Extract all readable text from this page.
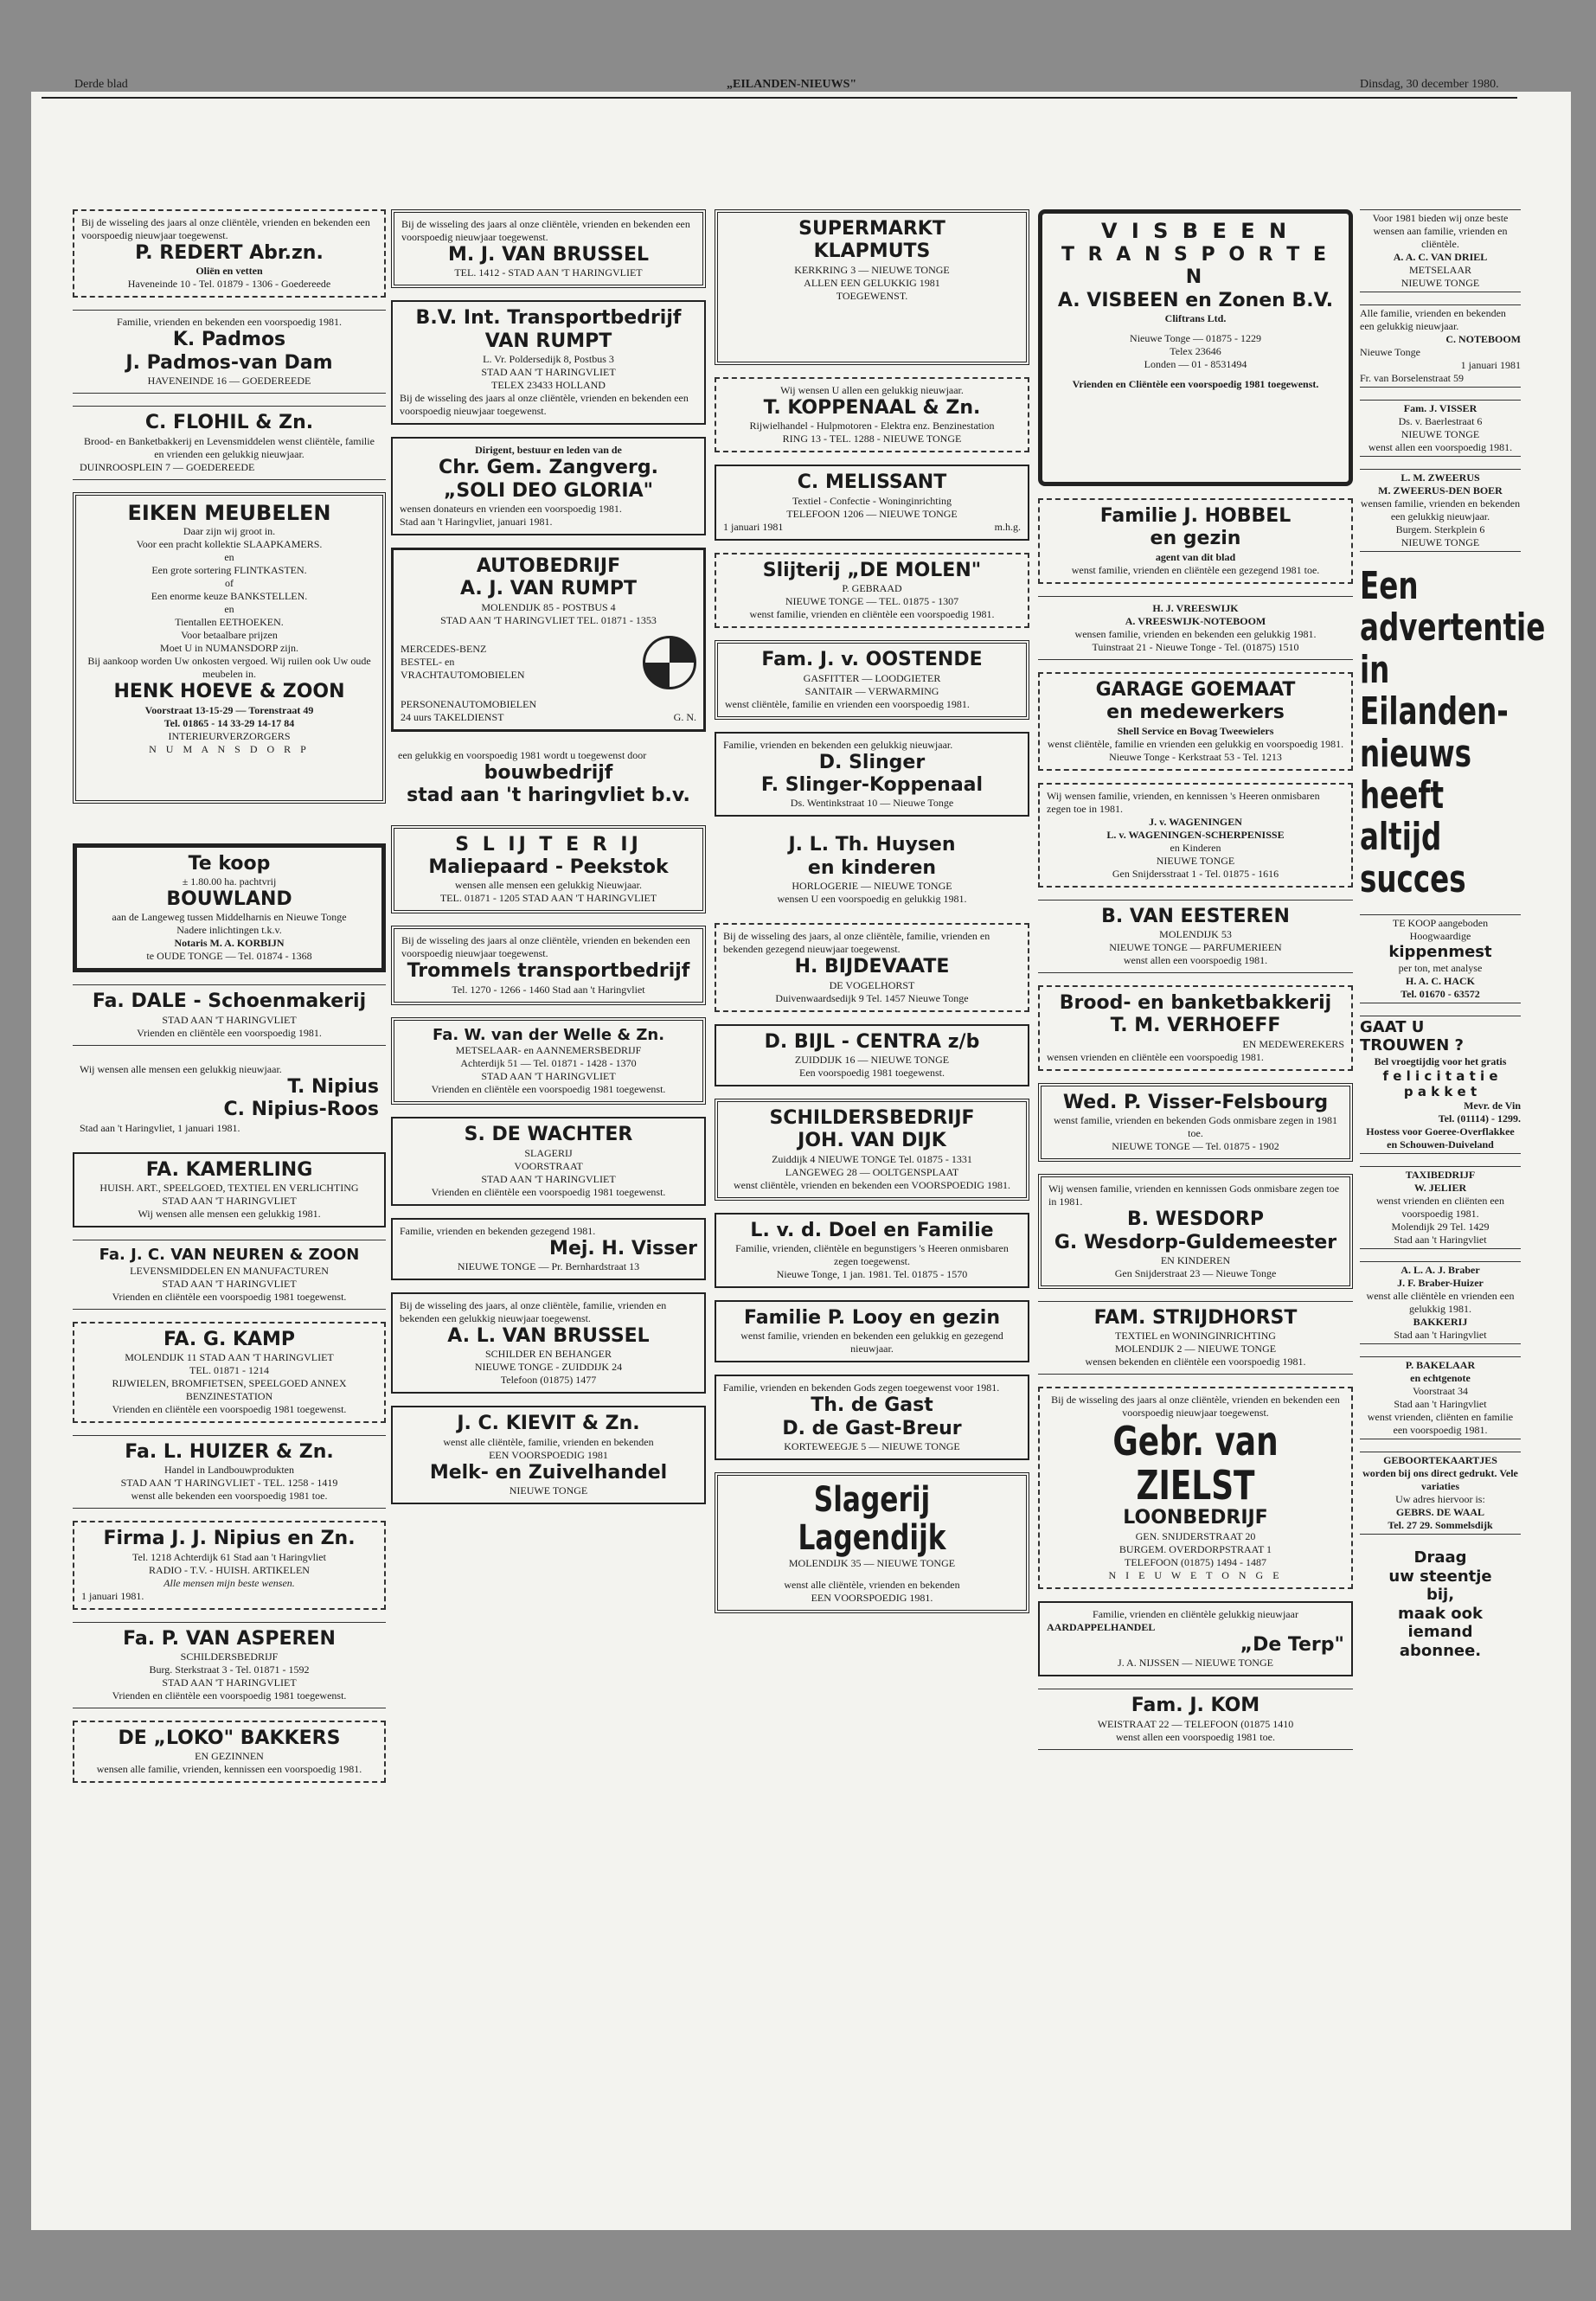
Derde blad	„EILANDEN-NIEUWS"	Dinsdag, 30 december 1980.
Bij de wisseling des jaars al onze cliëntèle, vrienden en bekenden een voorspoedig nieuwjaar toegewenst.
P. REDERT Abr.zn.
Oliën en vetten
Haveneinde 10 - Tel. 01879 - 1306 - Goedereede
Familie, vrienden en bekenden een voorspoedig 1981.
K. Padmos
J. Padmos-van Dam
HAVENEINDE 16 — GOEDEREEDE
C. FLOHIL & Zn.
Brood- en Banketbakkerij en Levensmiddelen wenst cliëntèle, familie en vrienden een gelukkig nieuwjaar.
DUINROOSPLEIN 7 — GOEDEREEDE
EIKEN MEUBELEN
Daar zijn wij groot in.
Voor een pracht kollektie SLAAPKAMERS.
en
Een grote sortering FLINTKASTEN.
of
Een enorme keuze BANKSTELLEN.
en
Tientallen EETHOEKEN.
Voor betaalbare prijzen
Moet U in NUMANSDORP zijn.
Bij aankoop worden Uw onkosten vergoed. Wij ruilen ook Uw oude meubelen in.
HENK HOEVE & ZOON
Voorstraat 13-15-29 — Torenstraat 49
Tel. 01865 - 14 33-29 14-17 84
INTERIEURVERZORGERS
N U M A N S D O R P
Te koop
± 1.80.00 ha. pachtvrij
BOUWLAND
aan de Langeweg tussen Middelharnis en Nieuwe Tonge
Nadere inlichtingen t.k.v.
Notaris M. A. KORBIJN
te OUDE TONGE — Tel. 01874 - 1368
Fa. DALE - Schoenmakerij
STAD AAN 'T HARINGVLIET
Vrienden en cliëntèle een voorspoedig 1981.
Wij wensen alle mensen een gelukkig nieuwjaar.
T. Nipius
C. Nipius-Roos
Stad aan 't Haringvliet, 1 januari 1981.
FA. KAMERLING
HUISH. ART., SPEELGOED, TEXTIEL EN VERLICHTING
STAD AAN 'T HARINGVLIET
Wij wensen alle mensen een gelukkig 1981.
Fa. J. C. VAN NEUREN & ZOON
LEVENSMIDDELEN EN MANUFACTUREN
STAD AAN 'T HARINGVLIET
Vrienden en cliëntèle een voorspoedig 1981 toegewenst.
FA. G. KAMP
MOLENDIJK 11 STAD AAN 'T HARINGVLIET
TEL. 01871 - 1214
RIJWIELEN, BROMFIETSEN, SPEELGOED ANNEX BENZINESTATION
Vrienden en cliëntèle een voorspoedig 1981 toegewenst.
Fa. L. HUIZER & Zn.
Handel in Landbouwprodukten
STAD AAN 'T HARINGVLIET - TEL. 1258 - 1419
wenst alle bekenden een voorspoedig 1981 toe.
Firma J. J. Nipius en Zn.
Tel. 1218 Achterdijk 61 Stad aan 't Haringvliet
RADIO - T.V. - HUISH. ARTIKELEN
Alle mensen mijn beste wensen.
1 januari 1981.
Fa. P. VAN ASPEREN
SCHILDERSBEDRIJF
Burg. Sterkstraat 3 - Tel. 01871 - 1592
STAD AAN 'T HARINGVLIET
Vrienden en cliëntèle een voorspoedig 1981 toegewenst.
DE „LOKO" BAKKERS
EN GEZINNEN
wensen alle familie, vrienden, kennissen een voorspoedig 1981.
Bij de wisseling des jaars al onze cliëntèle, vrienden en bekenden een voorspoedig nieuwjaar toegewenst.
M. J. VAN BRUSSEL
TEL. 1412 - STAD AAN 'T HARINGVLIET
B.V. Int. Transportbedrijf
VAN RUMPT
L. Vr. Poldersedijk 8, Postbus 3
STAD AAN 'T HARINGVLIET
TELEX 23433 HOLLAND
Bij de wisseling des jaars al onze cliëntèle, vrienden en bekenden een voorspoedig nieuwjaar toegewenst.
Dirigent, bestuur en leden van de
Chr. Gem. Zangverg.
„SOLI DEO GLORIA"
wensen donateurs en vrienden een voorspoedig 1981.
Stad aan 't Haringvliet, januari 1981.
AUTOBEDRIJF
A. J. VAN RUMPT
MOLENDIJK 85 - POSTBUS 4
STAD AAN 'T HARINGVLIET TEL. 01871 - 1353
MERCEDES-BENZ
BESTEL- en
VRACHTAUTOMOBIELEN
PERSONENAUTOMOBIELEN
24 uurs TAKELDIENST	G. N.
een gelukkig en voorspoedig 1981 wordt u toegewenst door
bouwbedrijf
stad aan 't haringvliet b.v.
S L IJ T E R IJ
Maliepaard - Peekstok
wensen alle mensen een gelukkig Nieuwjaar.
TEL. 01871 - 1205 STAD AAN 'T HARINGVLIET
Bij de wisseling des jaars al onze cliëntèle, vrienden en bekenden een voorspoedig nieuwjaar toegewenst.
Trommels transportbedrijf
Tel. 1270 - 1266 - 1460 Stad aan 't Haringvliet
Fa. W. van der Welle & Zn.
METSELAAR- en AANNEMERSBEDRIJF
Achterdijk 51 — Tel. 01871 - 1428 - 1370
STAD AAN 'T HARINGVLIET
Vrienden en cliëntèle een voorspoedig 1981 toegewenst.
S. DE WACHTER
SLAGERIJ
VOORSTRAAT
STAD AAN 'T HARINGVLIET
Vrienden en cliëntèle een voorspoedig 1981 toegewenst.
Familie, vrienden en bekenden gezegend 1981.
Mej. H. Visser
NIEUWE TONGE — Pr. Bernhardstraat 13
Bij de wisseling des jaars, al onze cliëntèle, familie, vrienden en bekenden een gelukkig nieuwjaar toegewenst.
A. L. VAN BRUSSEL
SCHILDER EN BEHANGER
NIEUWE TONGE - ZUIDDIJK 24
Telefoon (01875) 1477
J. C. KIEVIT & Zn.
wenst alle cliëntèle, familie, vrienden en bekenden
EEN VOORSPOEDIG 1981
Melk- en Zuivelhandel
NIEUWE TONGE
SUPERMARKT
KLAPMUTS
KERKRING 3 — NIEUWE TONGE
ALLEN EEN GELUKKIG 1981
TOEGEWENST.
Wij wensen U allen een gelukkig nieuwjaar.
T. KOPPENAAL & Zn.
Rijwielhandel - Hulpmotoren - Elektra enz. Benzinestation
RING 13 - TEL. 1288 - NIEUWE TONGE
C. MELISSANT
Textiel - Confectie - Woninginrichting
TELEFOON 1206 — NIEUWE TONGE
1 januari 1981	m.h.g.
Slijterij „DE MOLEN"
P. GEBRAAD
NIEUWE TONGE — TEL. 01875 - 1307
wenst familie, vrienden en cliëntèle een voorspoedig 1981.
Fam. J. v. OOSTENDE
GASFITTER — LOODGIETER
SANITAIR — VERWARMING
wenst cliëntèle, familie en vrienden een voorspoedig 1981.
Familie, vrienden en bekenden een gelukkig nieuwjaar.
D. Slinger
F. Slinger-Koppenaal
Ds. Wentinkstraat 10 — Nieuwe Tonge
J. L. Th. Huysen
en kinderen
HORLOGERIE — NIEUWE TONGE
wensen U een voorspoedig en gelukkig 1981.
Bij de wisseling des jaars, al onze cliëntèle, familie, vrienden en bekenden gezegend nieuwjaar toegewenst.
H. BIJDEVAATE
DE VOGELHORST
Duivenwaardsedijk 9 Tel. 1457 Nieuwe Tonge
D. BIJL - CENTRA z/b
ZUIDDIJK 16 — NIEUWE TONGE
Een voorspoedig 1981 toegewenst.
SCHILDERSBEDRIJF
JOH. VAN DIJK
Zuiddijk 4 NIEUWE TONGE Tel. 01875 - 1331
LANGEWEG 28 — OOLTGENSPLAAT
wenst cliëntèle, vrienden en bekenden een VOORSPOEDIG 1981.
L. v. d. Doel en Familie
Familie, vrienden, cliëntèle en begunstigers 's Heeren onmisbaren zegen toegewenst.
Nieuwe Tonge, 1 jan. 1981. Tel. 01875 - 1570
Familie P. Looy en gezin
wenst familie, vrienden en bekenden een gelukkig en gezegend nieuwjaar.
Familie, vrienden en bekenden Gods zegen toegewenst voor 1981.
Th. de Gast
D. de Gast-Breur
KORTEWEEGJE 5 — NIEUWE TONGE
Slagerij Lagendijk
MOLENDIJK 35 — NIEUWE TONGE
wenst alle cliëntèle, vrienden en bekenden
EEN VOORSPOEDIG 1981.
V I S B E E N
T R A N S P O R T E N
A. VISBEEN en Zonen B.V.
Cliftrans Ltd.
Nieuwe Tonge — 01875 - 1229
Telex 23646
Londen — 01 - 8531494
Vrienden en Cliëntèle een voorspoedig 1981 toegewenst.
Familie J. HOBBEL
en gezin
agent van dit blad
wenst familie, vrienden en cliëntèle een gezegend 1981 toe.
H. J. VREESWIJK
A. VREESWIJK-NOTEBOOM
wensen familie, vrienden en bekenden een gelukkig 1981.
Tuinstraat 21 - Nieuwe Tonge - Tel. (01875) 1510
GARAGE GOEMAAT
en medewerkers
Shell Service en Bovag Tweewielers
wenst cliëntèle, familie en vrienden een gelukkig en voorspoedig 1981.
Nieuwe Tonge - Kerkstraat 53 - Tel. 1213
Wij wensen familie, vrienden, en kennissen 's Heeren onmisbaren zegen toe in 1981.
J. v. WAGENINGEN
L. v. WAGENINGEN-SCHERPENISSE
en Kinderen
NIEUWE TONGE
Gen Snijdersstraat 1 - Tel. 01875 - 1616
B. VAN EESTEREN
MOLENDIJK 53
NIEUWE TONGE — PARFUMERIEEN
wenst allen een voorspoedig 1981.
Brood- en banketbakkerij
T. M. VERHOEFF
EN MEDEWEREKERS
wensen vrienden en cliëntèle een voorspoedig 1981.
Wed. P. Visser-Felsbourg
wenst familie, vrienden en bekenden Gods onmisbare zegen in 1981 toe.
NIEUWE TONGE — Tel. 01875 - 1902
Wij wensen familie, vrienden en kennissen Gods onmisbare zegen toe in 1981.
B. WESDORP
G. Wesdorp-Guldemeester
EN KINDEREN
Gen Snijderstraat 23 — Nieuwe Tonge
FAM. STRIJDHORST
TEXTIEL en WONINGINRICHTING
MOLENDIJK 2 — NIEUWE TONGE
wensen bekenden en cliëntèle een voorspoedig 1981.
Bij de wisseling des jaars al onze cliëntèle, vrienden en bekenden een voorspoedig nieuwjaar toegewenst.
Gebr. van ZIELST
LOONBEDRIJF
GEN. SNIJDERSTRAAT 20
BURGEM. OVERDORPSTRAAT 1
TELEFOON (01875) 1494 - 1487
N I E U W E T O N G E
Familie, vrienden en cliëntèle gelukkig nieuwjaar
AARDAPPELHANDEL
„De Terp"
J. A. NIJSSEN — NIEUWE TONGE
Fam. J. KOM
WEISTRAAT 22 — TELEFOON (01875 1410
wenst allen een voorspoedig 1981 toe.
Voor 1981 bieden wij onze beste wensen aan familie, vrienden en cliëntèle.
A. A. C. VAN DRIEL
METSELAAR
NIEUWE TONGE
Alle familie, vrienden en bekenden een gelukkig nieuwjaar.
C. NOTEBOOM
Nieuwe Tonge
1 januari 1981
Fr. van Borselenstraat 59
Fam. J. VISSER
Ds. v. Baerlestraat 6
NIEUWE TONGE
wenst allen een voorspoedig 1981.
L. M. ZWEERUS
M. ZWEERUS-DEN BOER
wensen familie, vrienden en bekenden een gelukkig nieuwjaar.
Burgem. Sterkplein 6
NIEUWE TONGE
Een
advertentie
in
Eilanden-
nieuws
heeft
altijd
succes
TE KOOP aangeboden
Hoogwaardige
kippenmest
per ton, met analyse
H. A. C. HACK
Tel. 01670 - 63572
GAAT U
TROUWEN ?
Bel vroegtijdig voor het gratis
f e l i c i t a t i e
p a k k e t
Mevr. de Vin
Tel. (01114) - 1299.
Hostess voor Goeree-Overflakkee en Schouwen-Duiveland
TAXIBEDRIJF
W. JELIER
wenst vrienden en cliënten een voorspoedig 1981.
Molendijk 29 Tel. 1429
Stad aan 't Haringvliet
A. L. A. J. Braber
J. F. Braber-Huizer
wenst alle cliëntèle en vrienden een gelukkig 1981.
BAKKERIJ
Stad aan 't Haringvliet
P. BAKELAAR
en echtgenote
Voorstraat 34
Stad aan 't Haringvliet
wenst vrienden, cliënten en familie een voorspoedig 1981.
GEBOORTEKAARTJES
worden bij ons direct gedrukt. Vele variaties
Uw adres hiervoor is:
GEBRS. DE WAAL
Tel. 27 29. Sommelsdijk
Draag
uw steentje
bij,
maak ook
iemand
abonnee.
